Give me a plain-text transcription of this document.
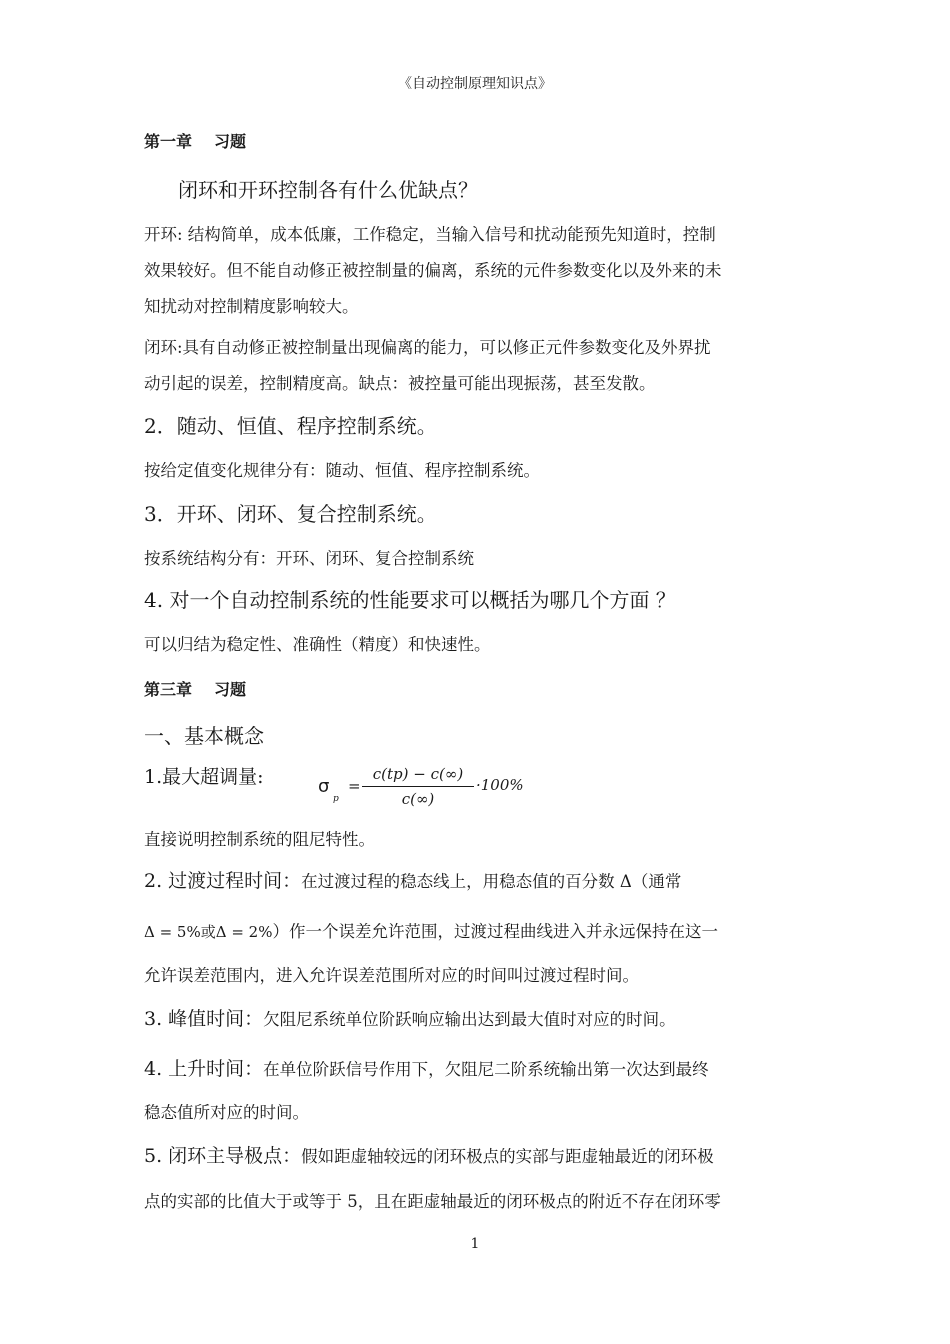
《自动控制原理知识点》
第一章 习题
闭环和开环控制各有什么优缺点？
开环: 结构简单，成本低廉，工作稳定，当输入信号和扰动能预先知道时，控制
效果较好。但不能自动修正被控制量的偏离，系统的元件参数变化以及外来的未
知扰动对控制精度影响较大。
闭环:具有自动修正被控制量出现偏离的能力，可以修正元件参数变化及外界扰
动引起的误差，控制精度高。缺点：被控量可能出现振荡，甚至发散。
2．随动、恒值、程序控制系统。
按给定值变化规律分有：随动、恒值、程序控制系统。
3．开环、闭环、复合控制系统。
按系统结构分有：开环、闭环、复合控制系统
4. 对一个自动控制系统的性能要求可以概括为哪几个方面 ？
可以归结为稳定性、准确性（精度）和快速性。
第三章 习题
一、基本概念
1.最大超调量:	σ
p
=
c(tp) − c(∞)
c(∞)
·100%
直接说明控制系统的阻尼特性。
2. 过渡过程时间：在过渡过程的稳态线上，用稳态值的百分数 Δ（通常
Δ = 5%或Δ = 2%）作一个误差允许范围，过渡过程曲线进入并永远保持在这一
允许误差范围内，进入允许误差范围所对应的时间叫过渡过程时间。
3. 峰值时间：欠阻尼系统单位阶跃响应输出达到最大值时对应的时间。
4. 上升时间：在单位阶跃信号作用下，欠阻尼二阶系统输出第一次达到最终
稳态值所对应的时间。
5. 闭环主导极点：假如距虚轴较远的闭环极点的实部与距虚轴最近的闭环极
点的实部的比值大于或等于 5，且在距虚轴最近的闭环极点的附近不存在闭环零
1
